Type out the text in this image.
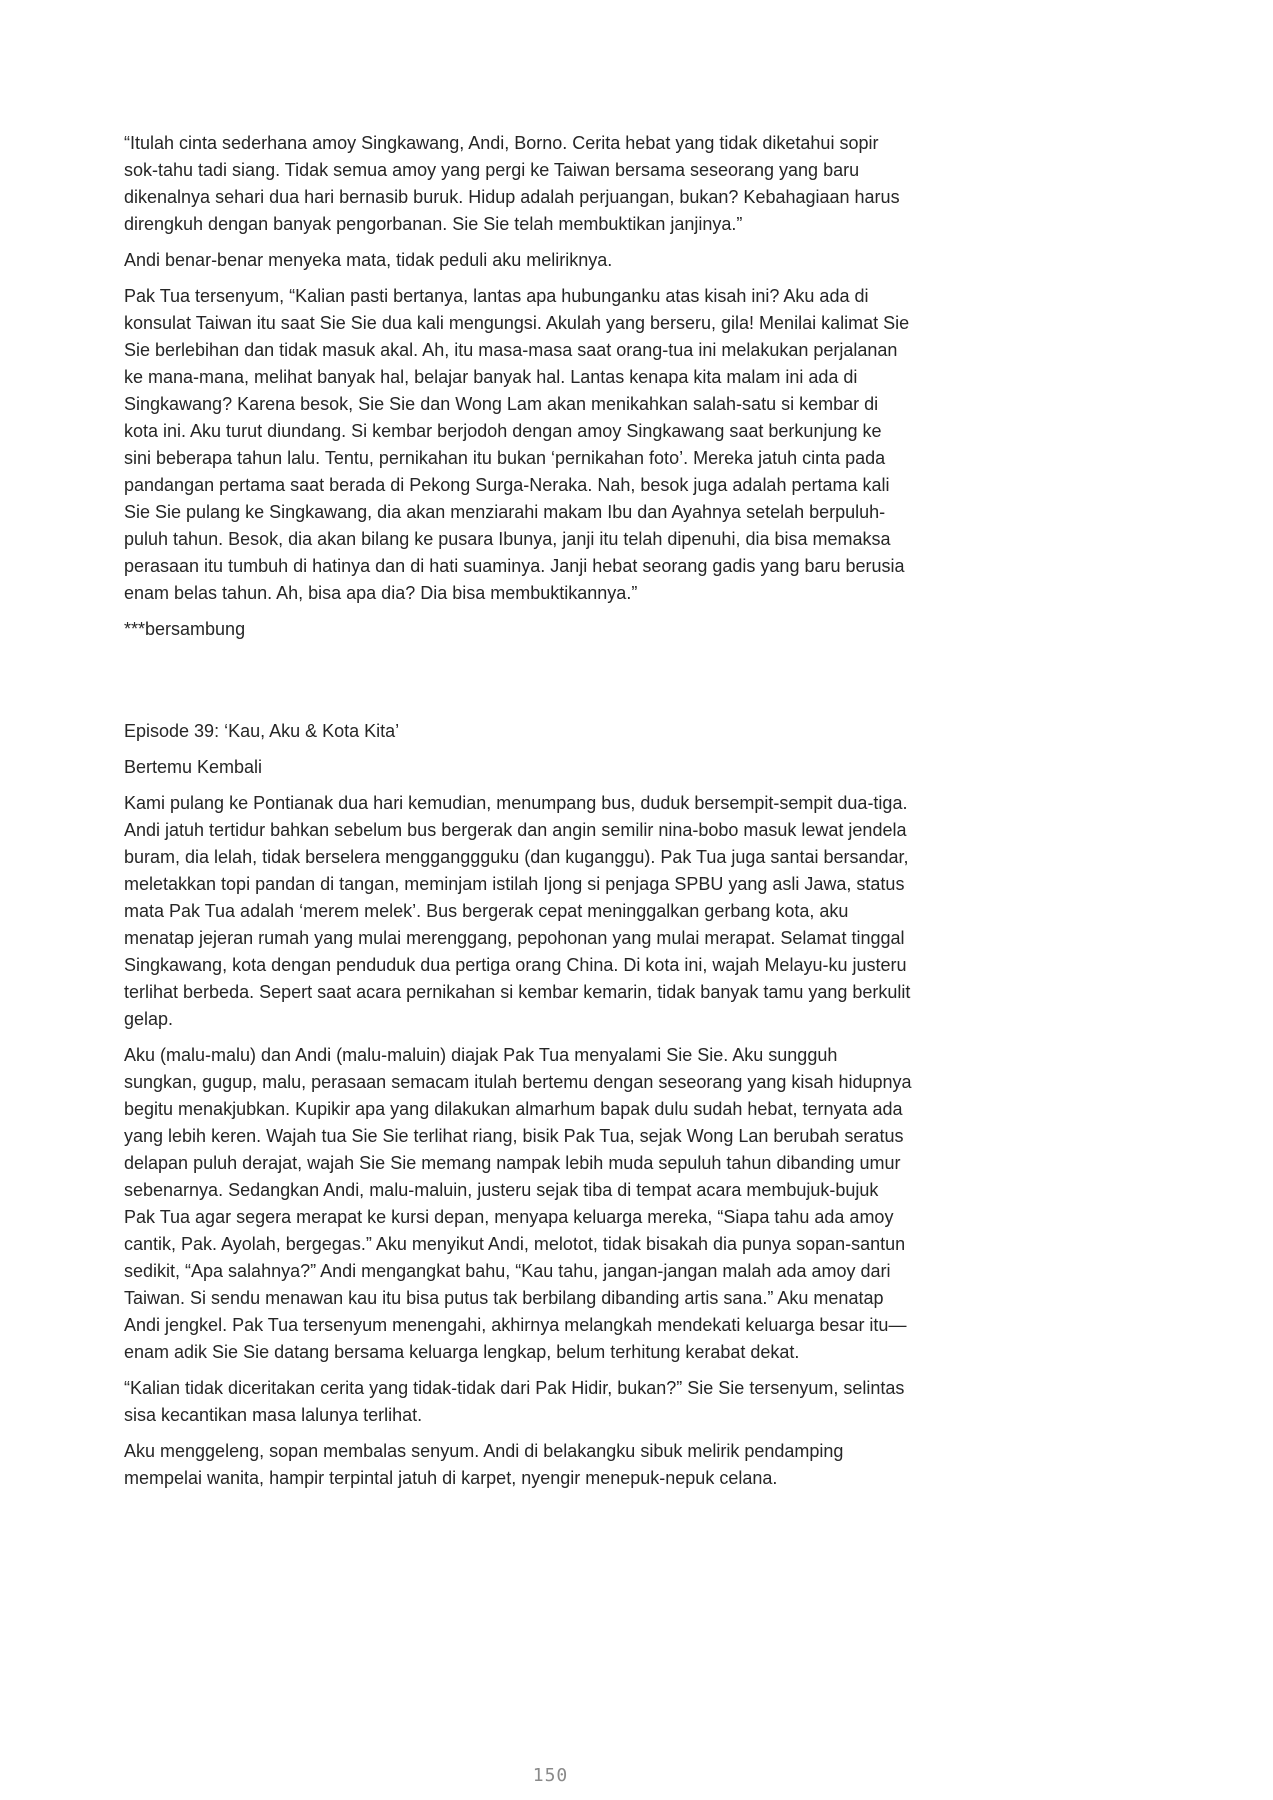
“Itulah cinta sederhana amoy Singkawang, Andi, Borno. Cerita hebat yang tidak diketahui sopir
sok-tahu tadi siang. Tidak semua amoy yang pergi ke Taiwan bersama seseorang yang baru
dikenalnya sehari dua hari bernasib buruk. Hidup adalah perjuangan, bukan? Kebahagiaan harus
direngkuh dengan banyak pengorbanan. Sie Sie telah membuktikan janjinya.”
Andi benar-benar menyeka mata, tidak peduli aku meliriknya.
Pak Tua tersenyum, “Kalian pasti bertanya, lantas apa hubunganku atas kisah ini? Aku ada di
konsulat Taiwan itu saat Sie Sie dua kali mengungsi. Akulah yang berseru, gila! Menilai kalimat Sie
Sie berlebihan dan tidak masuk akal. Ah, itu masa-masa saat orang-tua ini melakukan perjalanan
ke mana-mana, melihat banyak hal, belajar banyak hal. Lantas kenapa kita malam ini ada di
Singkawang? Karena besok, Sie Sie dan Wong Lam akan menikahkan salah-satu si kembar di
kota ini. Aku turut diundang. Si kembar berjodoh dengan amoy Singkawang saat berkunjung ke
sini beberapa tahun lalu. Tentu, pernikahan itu bukan ‘pernikahan foto’. Mereka jatuh cinta pada
pandangan pertama saat berada di Pekong Surga-Neraka. Nah, besok juga adalah pertama kali
Sie Sie pulang ke Singkawang, dia akan menziarahi makam Ibu dan Ayahnya setelah berpuluh-
puluh tahun. Besok, dia akan bilang ke pusara Ibunya, janji itu telah dipenuhi, dia bisa memaksa
perasaan itu tumbuh di hatinya dan di hati suaminya. Janji hebat seorang gadis yang baru berusia
enam belas tahun. Ah, bisa apa dia? Dia bisa membuktikannya.”
***bersambung
Episode 39: ‘Kau, Aku & Kota Kita’
Bertemu Kembali
Kami pulang ke Pontianak dua hari kemudian, menumpang bus, duduk bersempit-sempit dua-tiga.
Andi jatuh tertidur bahkan sebelum bus bergerak dan angin semilir nina-bobo masuk lewat jendela
buram, dia lelah, tidak berselera mengganggguku (dan kuganggu). Pak Tua juga santai bersandar,
meletakkan topi pandan di tangan, meminjam istilah Ijong si penjaga SPBU yang asli Jawa, status
mata Pak Tua adalah ‘merem melek’. Bus bergerak cepat meninggalkan gerbang kota, aku
menatap jejeran rumah yang mulai merenggang, pepohonan yang mulai merapat. Selamat tinggal
Singkawang, kota dengan penduduk dua pertiga orang China. Di kota ini, wajah Melayu-ku justeru
terlihat berbeda. Sepert saat acara pernikahan si kembar kemarin, tidak banyak tamu yang berkulit
gelap.
Aku (malu-malu) dan Andi (malu-maluin) diajak Pak Tua menyalami Sie Sie. Aku sungguh
sungkan, gugup, malu, perasaan semacam itulah bertemu dengan seseorang yang kisah hidupnya
begitu menakjubkan. Kupikir apa yang dilakukan almarhum bapak dulu sudah hebat, ternyata ada
yang lebih keren. Wajah tua Sie Sie terlihat riang, bisik Pak Tua, sejak Wong Lan berubah seratus
delapan puluh derajat, wajah Sie Sie memang nampak lebih muda sepuluh tahun dibanding umur
sebenarnya. Sedangkan Andi, malu-maluin, justeru sejak tiba di tempat acara membujuk-bujuk
Pak Tua agar segera merapat ke kursi depan, menyapa keluarga mereka, “Siapa tahu ada amoy
cantik, Pak. Ayolah, bergegas.” Aku menyikut Andi, melotot, tidak bisakah dia punya sopan-santun
sedikit, “Apa salahnya?” Andi mengangkat bahu, “Kau tahu, jangan-jangan malah ada amoy dari
Taiwan. Si sendu menawan kau itu bisa putus tak berbilang dibanding artis sana.” Aku menatap
Andi jengkel. Pak Tua tersenyum menengahi, akhirnya melangkah mendekati keluarga besar itu—
enam adik Sie Sie datang bersama keluarga lengkap, belum terhitung kerabat dekat.
“Kalian tidak diceritakan cerita yang tidak-tidak dari Pak Hidir, bukan?” Sie Sie tersenyum, selintas
sisa kecantikan masa lalunya terlihat.
Aku menggeleng, sopan membalas senyum. Andi di belakangku sibuk melirik pendamping
mempelai wanita, hampir terpintal jatuh di karpet, nyengir menepuk-nepuk celana.
150
